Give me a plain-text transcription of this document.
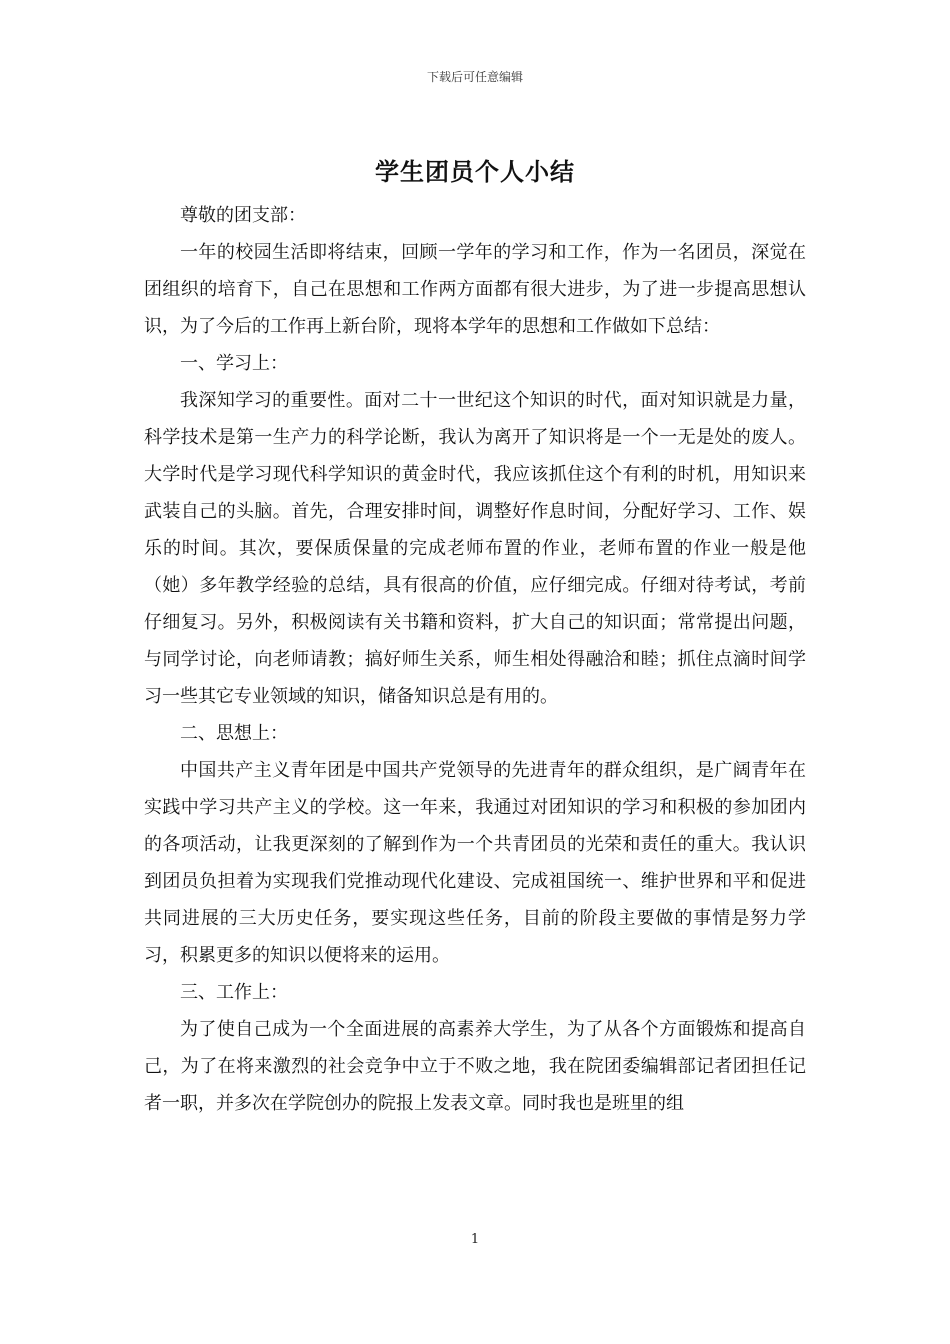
下载后可任意编辑
学生团员个人小结

尊敬的团支部：

一年的校园生活即将结束，回顾一学年的学习和工作，作为一名团员，深觉在团组织的培育下，自己在思想和工作两方面都有很大进步，为了进一步提高思想认识，为了今后的工作再上新台阶，现将本学年的思想和工作做如下总结：

一、学习上：

我深知学习的重要性。面对二十一世纪这个知识的时代，面对知识就是力量，科学技术是第一生产力的科学论断，我认为离开了知识将是一个一无是处的废人。大学时代是学习现代科学知识的黄金时代，我应该抓住这个有利的时机，用知识来武装自己的头脑。首先，合理安排时间，调整好作息时间，分配好学习、工作、娱乐的时间。其次，要保质保量的完成老师布置的作业，老师布置的作业一般是他（她）多年教学经验的总结，具有很高的价值，应仔细完成。仔细对待考试，考前仔细复习。另外，积极阅读有关书籍和资料，扩大自己的知识面；常常提出问题，与同学讨论，向老师请教；搞好师生关系，师生相处得融洽和睦；抓住点滴时间学习一些其它专业领域的知识，储备知识总是有用的。

二、思想上：

中国共产主义青年团是中国共产党领导的先进青年的群众组织，是广阔青年在实践中学习共产主义的学校。这一年来，我通过对团知识的学习和积极的参加团内的各项活动，让我更深刻的了解到作为一个共青团员的光荣和责任的重大。我认识到团员负担着为实现我们党推动现代化建设、完成祖国统一、维护世界和平和促进共同进展的三大历史任务，要实现这些任务，目前的阶段主要做的事情是努力学习，积累更多的知识以便将来的运用。

三、工作上：

为了使自己成为一个全面进展的高素养大学生，为了从各个方面锻炼和提高自己，为了在将来激烈的社会竞争中立于不败之地，我在院团委编辑部记者团担任记者一职，并多次在学院创办的院报上发表文章。同时我也是班里的组

1
